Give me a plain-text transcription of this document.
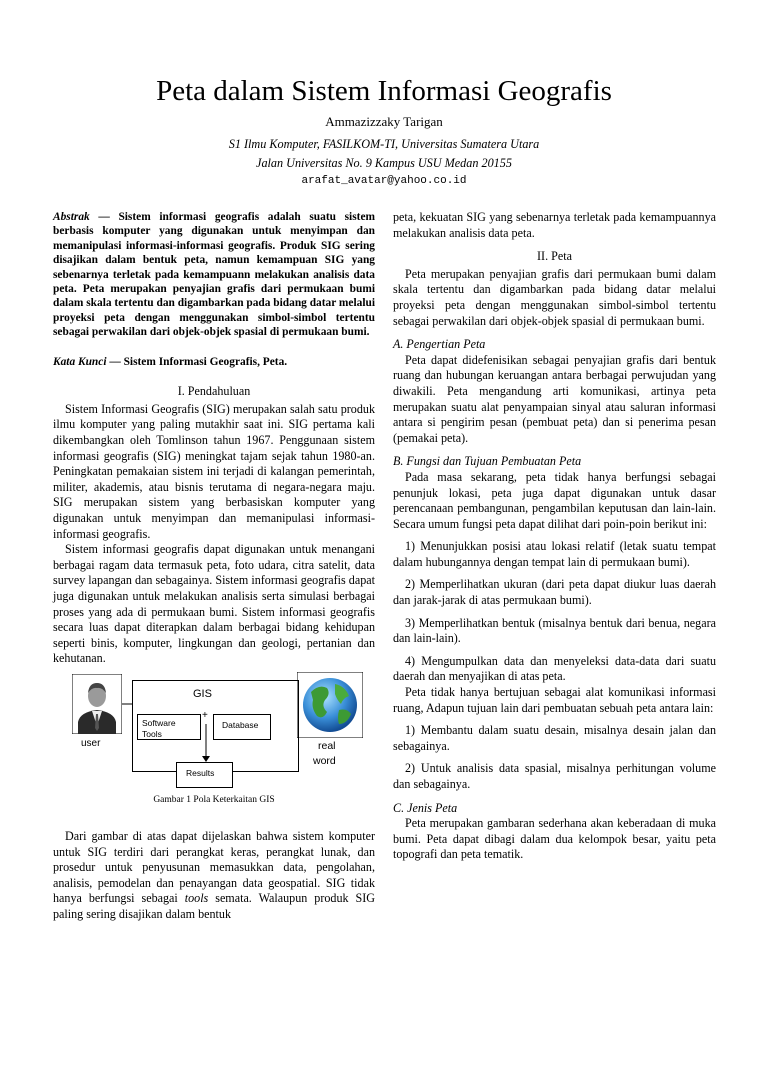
Peta dalam Sistem Informasi Geografis
Ammazizzaky Tarigan
S1 Ilmu Komputer, FASILKOM-TI, Universitas Sumatera Utara
Jalan Universitas No. 9 Kampus USU Medan 20155
arafat_avatar@yahoo.co.id

Abstrak — Sistem informasi geografis adalah suatu sistem berbasis komputer yang digunakan untuk menyimpan dan memanipulasi informasi-informasi geografis. Produk SIG sering disajikan dalam bentuk peta, namun kemampuan SIG yang sebenarnya terletak pada kemampuann melakukan analisis data peta. Peta merupakan penyajian grafis dari permukaan bumi dalam skala tertentu dan digambarkan pada bidang datar melalui proyeksi peta dengan menggunakan simbol-simbol tertentu sebagai perwakilan dari objek-objek spasial di permukaan bumi.

Kata Kunci — Sistem Informasi Geografis, Peta.

I. Pendahuluan

Sistem Informasi Geografis (SIG) merupakan salah satu produk ilmu komputer yang paling mutakhir saat ini. SIG pertama kali dikembangkan oleh Tomlinson tahun 1967. Penggunaan sistem informasi geografis (SIG) meningkat tajam sejak tahun 1980-an. Peningkatan pemakaian sistem ini terjadi di kalangan pemerintah, militer, akademis, atau bisnis terutama di negara-negara maju. SIG merupakan sistem yang berbasiskan komputer yang digunakan untuk menyimpan dan memanipulasi informasi-informasi geografis.

Sistem informasi geografis dapat digunakan untuk menangani berbagai ragam data termasuk peta, foto udara, citra satelit, data survey lapangan dan sebagainya. Sistem informasi geografis dapat juga digunakan untuk melakukan analisis serta simulasi berbagai proses yang ada di permukaan bumi. Sistem informasi geografis secara luas dapat diterapkan dalam berbagai bidang kehidupan seperti binis, komputer, lingkungan dan geologi, pertanian dan kehutanan.

user
GIS
Software
Tools
+
Database
Results
real
word
Gambar 1 Pola Keterkaitan GIS

Dari gambar di atas dapat dijelaskan bahwa sistem komputer untuk SIG terdiri dari perangkat keras, perangkat lunak, dan prosedur untuk penyusunan memasukkan data, pengolahan, analisis, pemodelan dan penayangan data geospatial. SIG tidak hanya berfungsi sebagai tools semata. Walaupun produk SIG paling sering disajikan dalam bentuk

peta, kekuatan SIG yang sebenarnya terletak pada kemampuannya melakukan analisis data peta.

II. Peta

Peta merupakan penyajian grafis dari permukaan bumi dalam skala tertentu dan digambarkan pada bidang datar melalui proyeksi peta dengan menggunakan simbol-simbol tertentu sebagai perwakilan dari objek-objek spasial di permukaan bumi.

A. Pengertian Peta

Peta dapat didefenisikan sebagai penyajian grafis dari bentuk ruang dan hubungan keruangan antara berbagai perwujudan yang diwakili. Peta mengandung arti komunikasi, artinya peta merupakan suatu alat penyampaian sinyal atau saluran informasi antara si pengirim pesan (pembuat peta) dan si penerima pesan (pemakai peta).

B. Fungsi dan Tujuan Pembuatan Peta

Pada masa sekarang, peta tidak hanya berfungsi sebagai penunjuk lokasi, peta juga dapat digunakan untuk dasar perencanaan pembangunan, pengambilan keputusan dan lain-lain. Secara umum fungsi peta dapat dilihat dari poin-poin berikut ini:

1) Menunjukkan posisi atau lokasi relatif (letak suatu tempat dalam hubungannya dengan tempat lain di permukaan bumi).

2) Memperlihatkan ukuran (dari peta dapat diukur luas daerah dan jarak-jarak di atas permukaan bumi).

3) Memperlihatkan bentuk (misalnya bentuk dari benua, negara dan lain-lain).

4) Mengumpulkan data dan menyeleksi data-data dari suatu daerah dan menyajikan di atas peta.

Peta tidak hanya bertujuan sebagai alat komunikasi informasi ruang, Adapun tujuan lain dari pembuatan sebuah peta antara lain:

1) Membantu dalam suatu desain, misalnya desain jalan dan sebagainya.

2) Untuk analisis data spasial, misalnya perhitungan volume dan sebagainya.

C. Jenis Peta

Peta merupakan gambaran sederhana akan keberadaan di muka bumi. Peta dapat dibagi dalam dua kelompok besar, yaitu peta topografi dan peta tematik.
